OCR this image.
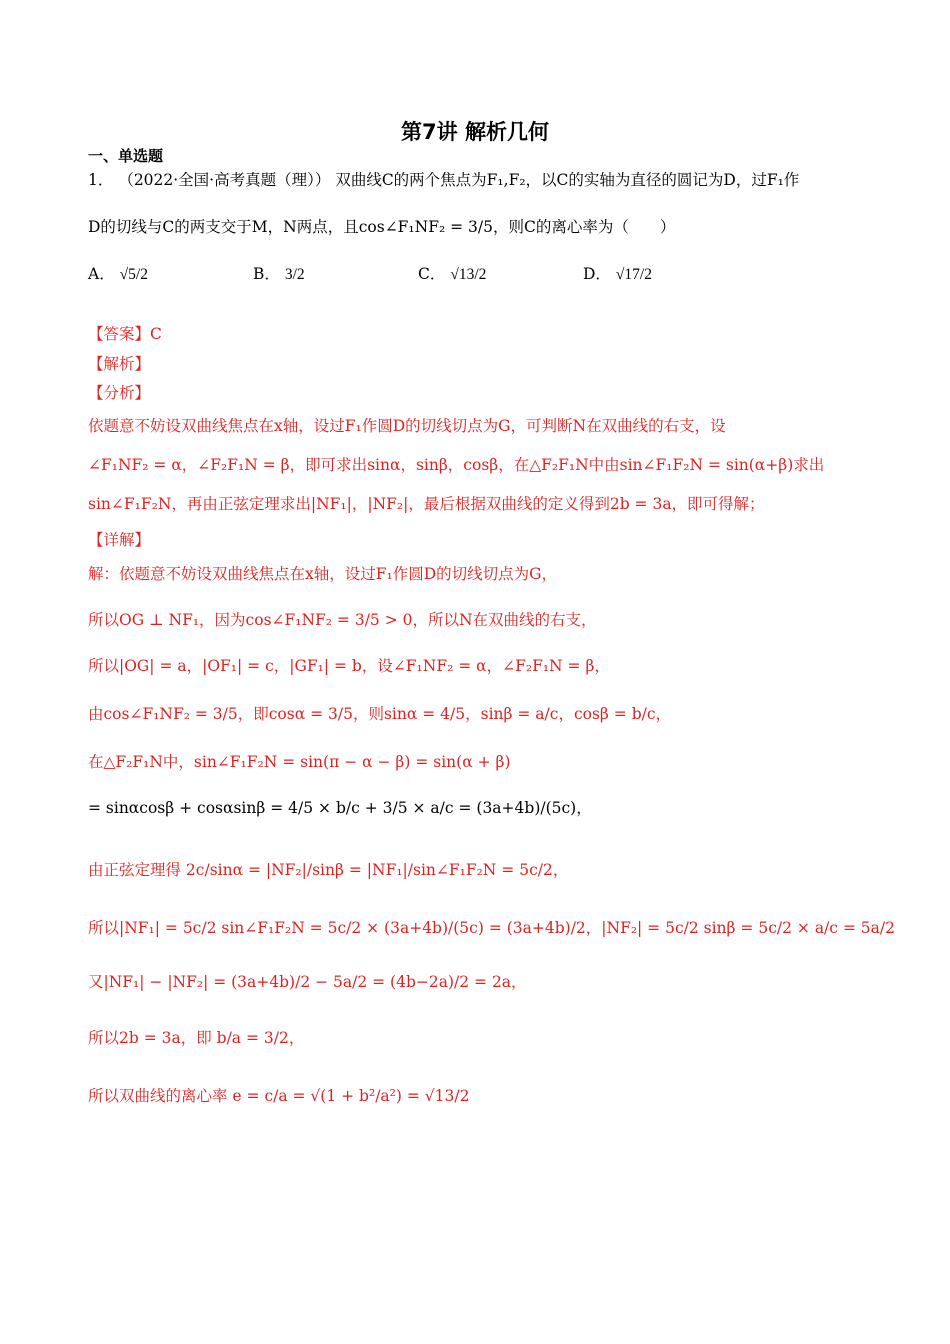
第7讲 解析几何
一、单选题
1． （2022·全国·高考真题（理）） 双曲线C的两个焦点为F₁,F₂，以C的实轴为直径的圆记为D，过F₁作
D的切线与C的两支交于M，N两点，且cos∠F₁NF₂ = 3/5，则C的离心率为（　　）
A． √5/2	B． 3/2	C． √13/2	D． √17/2
【答案】C
【解析】
【分析】
依题意不妨设双曲线焦点在x轴，设过F₁作圆D的切线切点为G，可判断N在双曲线的右支，设
∠F₁NF₂ = α，∠F₂F₁N = β，即可求出sinα，sinβ，cosβ，在△F₂F₁N中由sin∠F₁F₂N = sin(α+β)求出
sin∠F₁F₂N，再由正弦定理求出|NF₁|，|NF₂|，最后根据双曲线的定义得到2b = 3a，即可得解；
【详解】
解：依题意不妨设双曲线焦点在x轴，设过F₁作圆D的切线切点为G，
所以OG ⊥ NF₁，因为cos∠F₁NF₂ = 3/5 > 0，所以N在双曲线的右支，
所以|OG| = a，|OF₁| = c，|GF₁| = b，设∠F₁NF₂ = α，∠F₂F₁N = β，
由cos∠F₁NF₂ = 3/5，即cosα = 3/5，则sinα = 4/5，sinβ = a/c，cosβ = b/c，
在△F₂F₁N中，sin∠F₁F₂N = sin(π − α − β) = sin(α + β)
= sinαcosβ + cosαsinβ = 4/5 × b/c + 3/5 × a/c = (3a+4b)/(5c)，
由正弦定理得 2c/sinα = |NF₂|/sinβ = |NF₁|/sin∠F₁F₂N = 5c/2，
所以|NF₁| = 5c/2 sin∠F₁F₂N = 5c/2 × (3a+4b)/(5c) = (3a+4b)/2，|NF₂| = 5c/2 sinβ = 5c/2 × a/c = 5a/2
又|NF₁| − |NF₂| = (3a+4b)/2 − 5a/2 = (4b−2a)/2 = 2a，
所以2b = 3a，即 b/a = 3/2，
所以双曲线的离心率 e = c/a = √(1 + b²/a²) = √13/2
